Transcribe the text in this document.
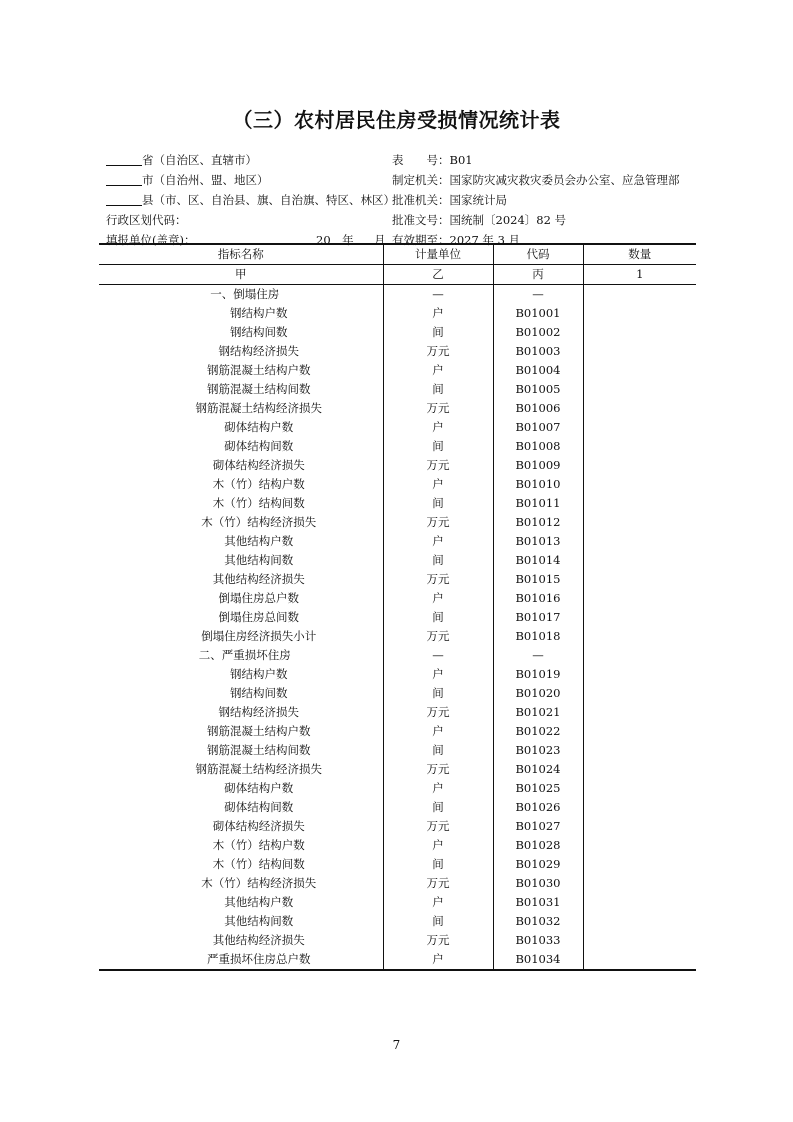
（三）农村居民住房受损情况统计表
省（自治区、直辖市）
市（自治州、盟、地区）
县（市、区、自治县、旗、自治旗、特区、林区）
行政区划代码：
填报单位(盖章)：	20　年 月
表　　号：B01
制定机关：国家防灾减灾救灾委员会办公室、应急管理部
批准机关：国家统计局
批准文号：国统制〔2024〕82 号
有效期至：2027 年 3 月
指标名称	计量单位	代码	数量
甲	乙	丙	1
一、倒塌住房	—	—	
钢结构户数	户	B01001	
钢结构间数	间	B01002	
钢结构经济损失	万元	B01003	
钢筋混凝土结构户数	户	B01004	
钢筋混凝土结构间数	间	B01005	
钢筋混凝土结构经济损失	万元	B01006	
砌体结构户数	户	B01007	
砌体结构间数	间	B01008	
砌体结构经济损失	万元	B01009	
木（竹）结构户数	户	B01010	
木（竹）结构间数	间	B01011	
木（竹）结构经济损失	万元	B01012	
其他结构户数	户	B01013	
其他结构间数	间	B01014	
其他结构经济损失	万元	B01015	
倒塌住房总户数	户	B01016	
倒塌住房总间数	间	B01017	
倒塌住房经济损失小计	万元	B01018	
二、严重损坏住房	—	—	
钢结构户数	户	B01019	
钢结构间数	间	B01020	
钢结构经济损失	万元	B01021	
钢筋混凝土结构户数	户	B01022	
钢筋混凝土结构间数	间	B01023	
钢筋混凝土结构经济损失	万元	B01024	
砌体结构户数	户	B01025	
砌体结构间数	间	B01026	
砌体结构经济损失	万元	B01027	
木（竹）结构户数	户	B01028	
木（竹）结构间数	间	B01029	
木（竹）结构经济损失	万元	B01030	
其他结构户数	户	B01031	
其他结构间数	间	B01032	
其他结构经济损失	万元	B01033	
严重损坏住房总户数	户	B01034	
7
